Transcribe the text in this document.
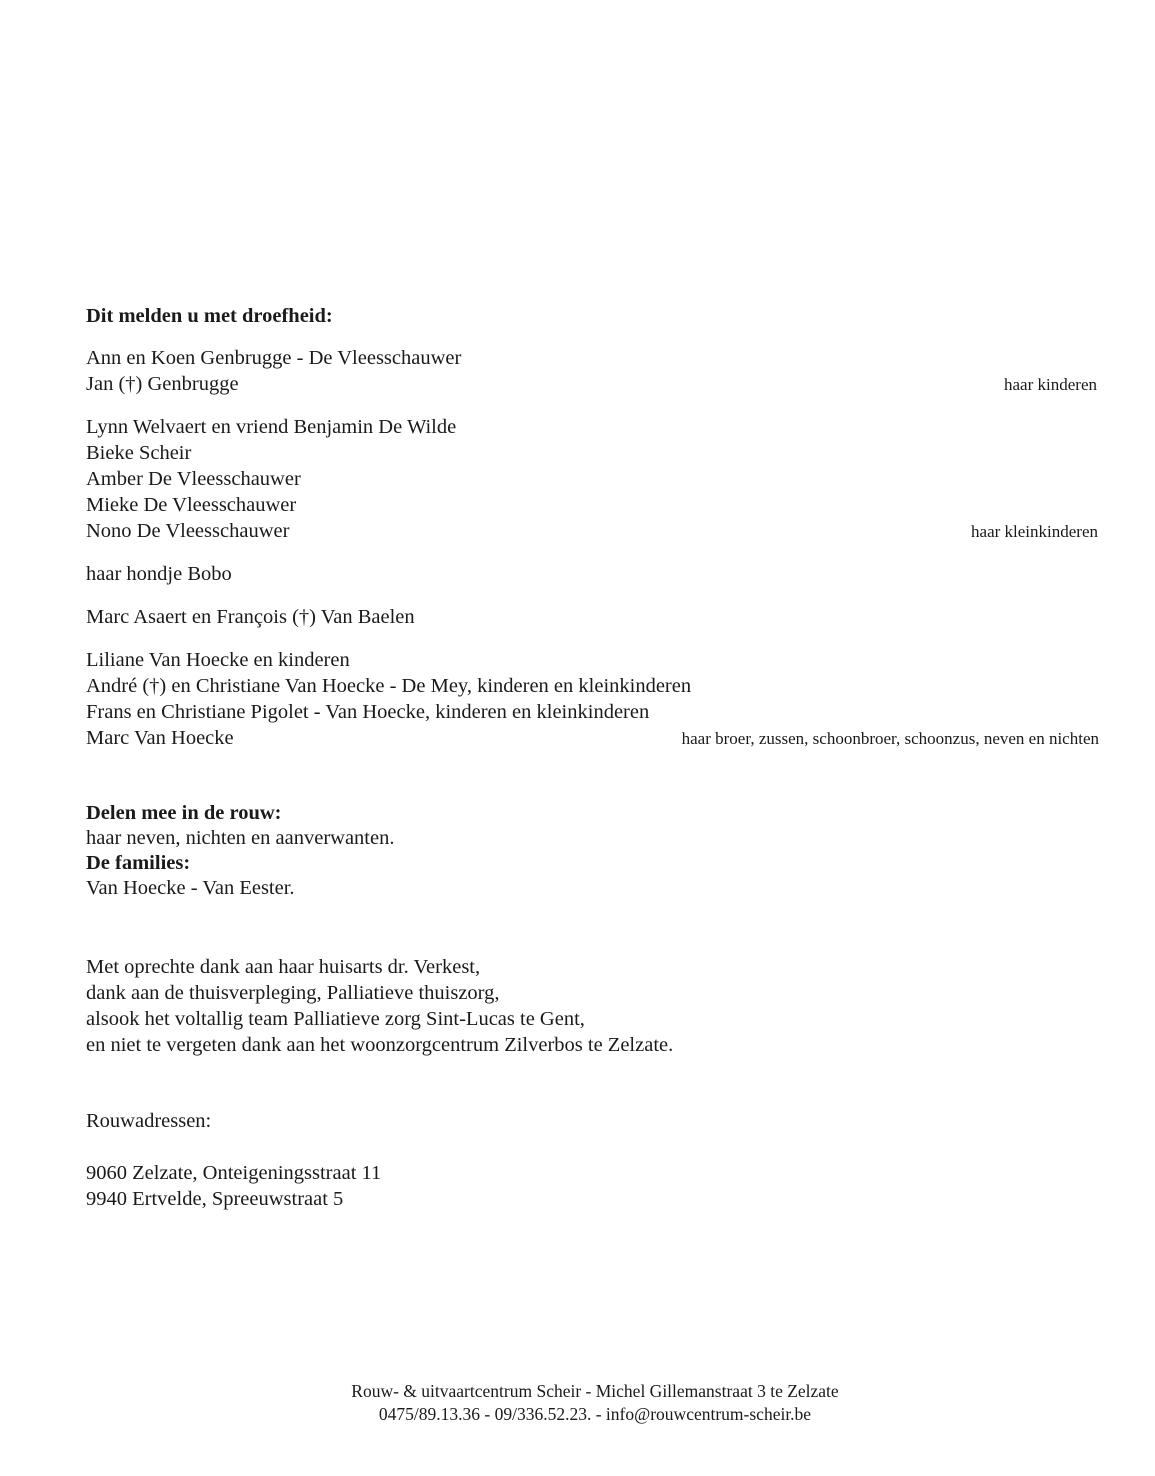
Dit melden u met droefheid:
Ann en Koen Genbrugge - De Vleesschauwer
Jan (†) Genbrugge	haar kinderen
Lynn Welvaert en vriend Benjamin De Wilde
Bieke Scheir
Amber De Vleesschauwer
Mieke De Vleesschauwer
Nono De Vleesschauwer	haar kleinkinderen
haar hondje Bobo
Marc Asaert en François (†) Van Baelen
Liliane Van Hoecke en kinderen
André (†) en Christiane Van Hoecke - De Mey, kinderen en kleinkinderen
Frans en Christiane Pigolet - Van Hoecke, kinderen en kleinkinderen
Marc Van Hoecke	haar broer, zussen, schoonbroer, schoonzus, neven en nichten
Delen mee in de rouw:
haar neven, nichten en aanverwanten.
De families:
Van Hoecke - Van Eester.
Met oprechte dank aan haar huisarts dr. Verkest,
dank aan de thuisverpleging, Palliatieve thuiszorg,
alsook het voltallig team Palliatieve zorg Sint-Lucas te Gent,
en niet te vergeten dank aan het woonzorgcentrum Zilverbos te Zelzate.
Rouwadressen:
9060 Zelzate, Onteigeningsstraat 11
9940 Ertvelde, Spreeuwstraat 5
Rouw- & uitvaartcentrum Scheir - Michel Gillemanstraat 3 te Zelzate
0475/89.13.36 - 09/336.52.23. - info@rouwcentrum-scheir.be
